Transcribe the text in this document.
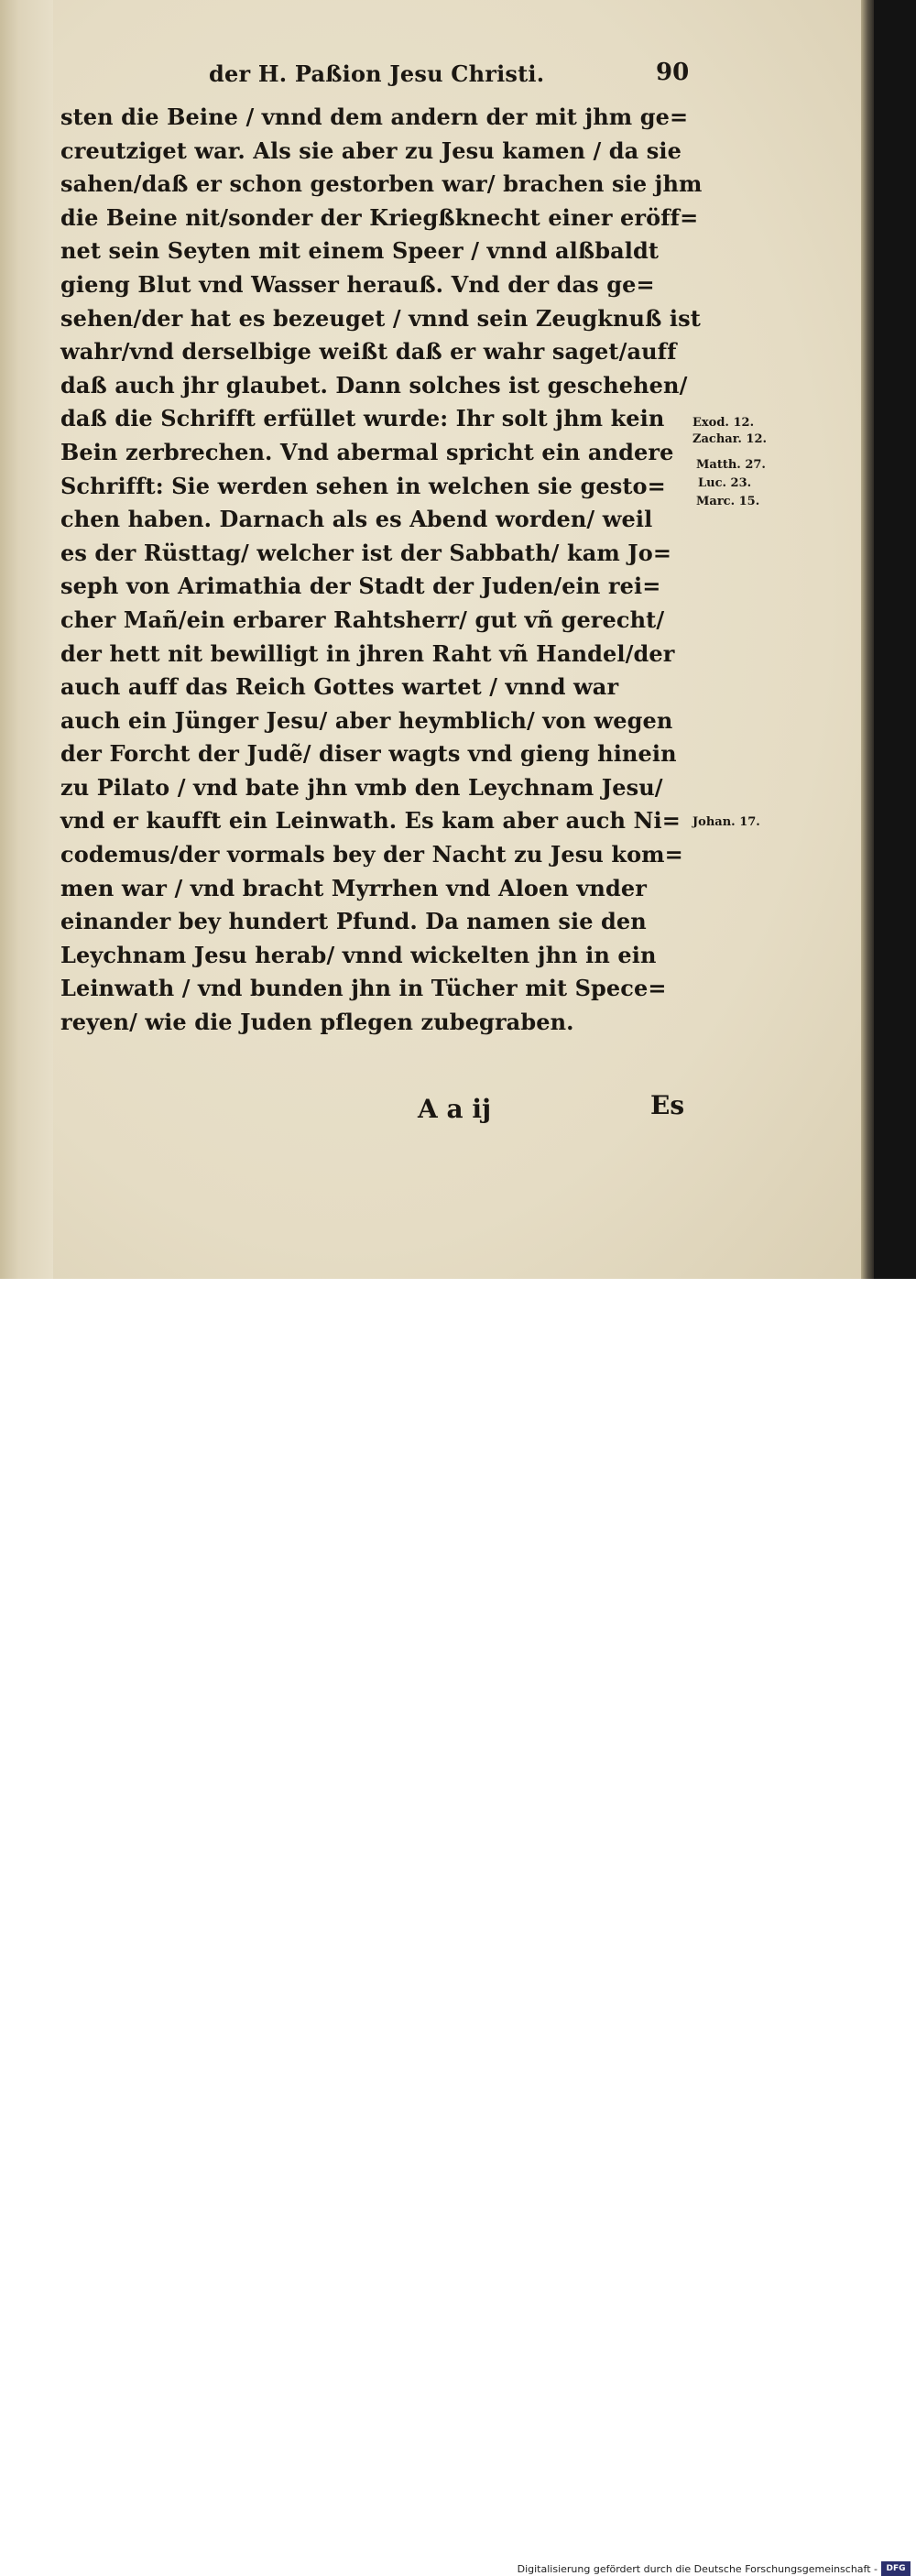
der H. Paßion Jesu Christi.	90
sten die Beine / vnnd dem andern der mit jhm ge=
creutziget war. Als sie aber zu Jesu kamen / da sie
sahen/daß er schon gestorben war/ brachen sie jhm
die Beine nit/sonder der Kriegßknecht einer eröff=
net sein Seyten mit einem Speer / vnnd alßbaldt
gieng Blut vnd Wasser herauß. Vnd der das ge=
sehen/der hat es bezeuget / vnnd sein Zeugknuß ist
wahr/vnd derselbige weißt daß er wahr saget/auff
daß auch jhr glaubet. Dann solches ist geschehen/
daß die Schrifft erfüllet wurde: Ihr solt jhm kein
Bein zerbrechen. Vnd abermal spricht ein andere
Schrifft: Sie werden sehen in welchen sie gesto=
chen haben. Darnach als es Abend worden/ weil
es der Rüsttag/ welcher ist der Sabbath/ kam Jo=
seph von Arimathia der Stadt der Juden/ein rei=
cher Mañ/ein erbarer Rahtsherr/ gut vñ gerecht/
der hett nit bewilligt in jhren Raht vñ Handel/der
auch auff das Reich Gottes wartet / vnnd war
auch ein Jünger Jesu/ aber heymblich/ von wegen
der Forcht der Judẽ/ diser wagts vnd gieng hinein
zu Pilato / vnd bate jhn vmb den Leychnam Jesu/
vnd er kaufft ein Leinwath. Es kam aber auch Ni=
codemus/der vormals bey der Nacht zu Jesu kom=
men war / vnd bracht Myrrhen vnd Aloen vnder
einander bey hundert Pfund. Da namen sie den
Leychnam Jesu herab/ vnnd wickelten jhn in ein
Leinwath / vnd bunden jhn in Tücher mit Spece=
reyen/ wie die Juden pflegen zubegraben.
Exod. 12.
Zachar. 12.
Matth. 27.
Luc. 23.
Marc. 15.
Johan. 17.
A a ij	Es
Digitalisierung gefördert durch die Deutsche Forschungsgemeinschaft -	DFG
